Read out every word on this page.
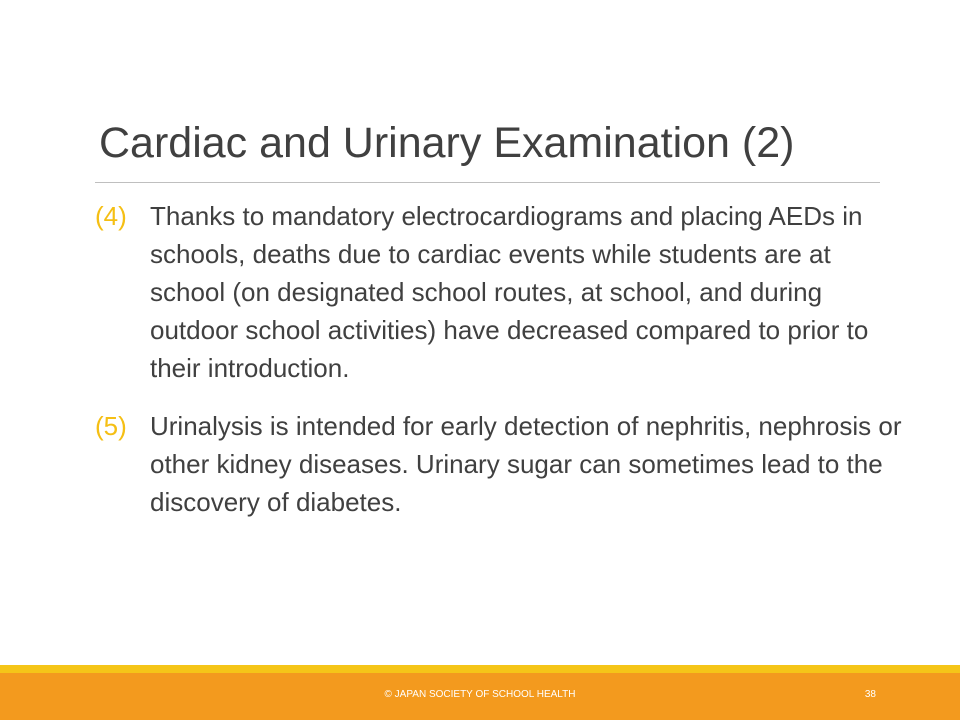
Cardiac and Urinary Examination (2)
(4) Thanks to mandatory electrocardiograms and placing AEDs in schools, deaths due to cardiac events while students are at school (on designated school routes, at school, and during outdoor school activities) have decreased compared to prior to their introduction.
(5) Urinalysis is intended for early detection of nephritis, nephrosis or other kidney diseases. Urinary sugar can sometimes lead to the discovery of diabetes.
© JAPAN SOCIETY OF SCHOOL HEALTH	38
